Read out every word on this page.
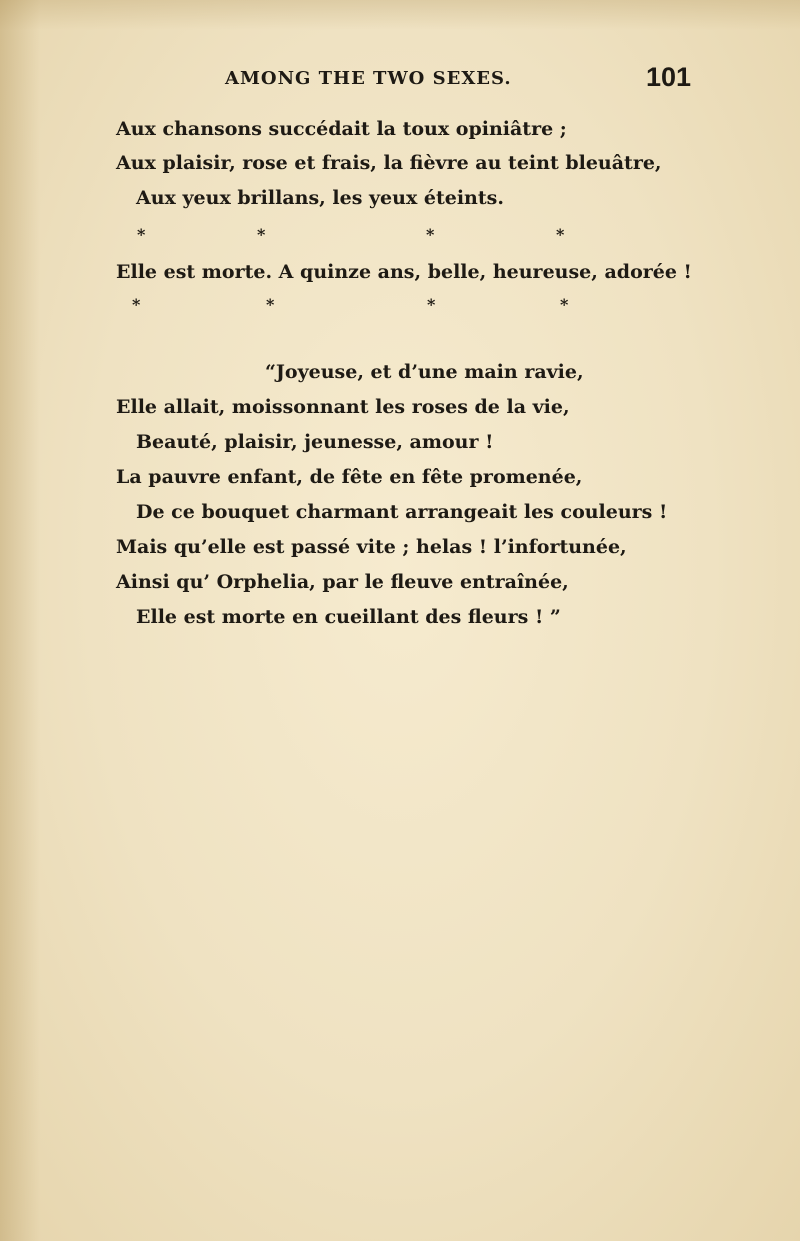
AMONG THE TWO SEXES.	101
Aux chansons succédait la toux opiniâtre ;
Aux plaisir, rose et frais, la fièvre au teint bleuâtre,
Aux yeux brillans, les yeux éteints.
*	*	*	*
Elle est morte. A quinze ans, belle, heureuse, adorée !
*	*	*	*
“Joyeuse, et d’une main ravie,
Elle allait, moissonnant les roses de la vie,
Beauté, plaisir, jeunesse, amour !
La pauvre enfant, de fête en fête promenée,
De ce bouquet charmant arrangeait les couleurs !
Mais qu’elle est passé vite ; helas ! l’infortunée,
Ainsi qu’ Orphelia, par le fleuve entraînée,
Elle est morte en cueillant des fleurs ! ”
